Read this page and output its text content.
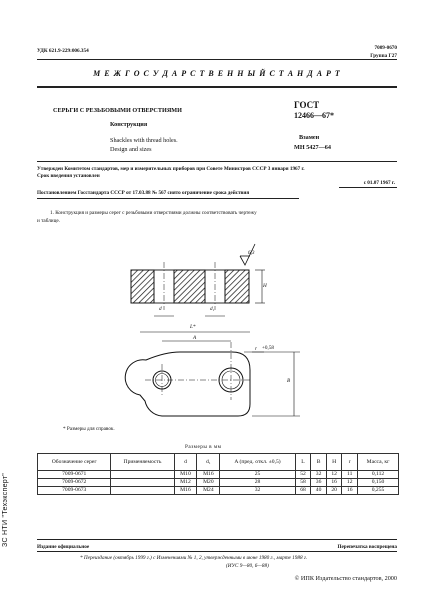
УДК 621.9-229:006.354	7009-0670
Группа Г27
М Е Ж Г О С У Д А Р С Т В Е Н Н Ы Й С Т А Н Д А Р Т
СЕРЬГИ С РЕЗЬБОВЫМИ ОТВЕРСТИЯМИ
Конструкция
Shackles with thread holes.
Design and sizes
ГОСТ
12466—67*
Взамен
МН 5427—64
Утвержден Комитетом стандартов, мер и измерительных приборов при Совете Министров СССР 3 января 1967 г.
Срок введения установлен
с 01.07 1967 г.
Постановлением Госстандарта СССР от 17.03.88 № 567 снято ограничение срока действия
1. Конструкция и размеры серег с резьбовыми отверстиями должны соответствовать чертежу
и таблице.
d	d₁
6,3
H
L*
A
r +0,58
B
* Размеры для справок.
Размеры в мм
Обозначение серег	Применяемость	d	d₁	A (пред. откл. ±0,5)	L	B	H	r	Масса, кг
7009-0671		M10	M16	25	52	32	12	11	0,112
7009-0672		M12	M20	28	58	36	16	12	0,150
7009-0673		M16	M24	32	68	40	20	16	0,255
Издание официальное	Перепечатка воспрещена
* Переиздание (октябрь 1999 г.) с Изменениями № 1, 2, утвержденными в июне 1980 г., марте 1988 г.
(ИУС 9—80, 6—88)
© ИПК Издательство стандартов, 2000
ЗС НТИ "Техэксперт"
